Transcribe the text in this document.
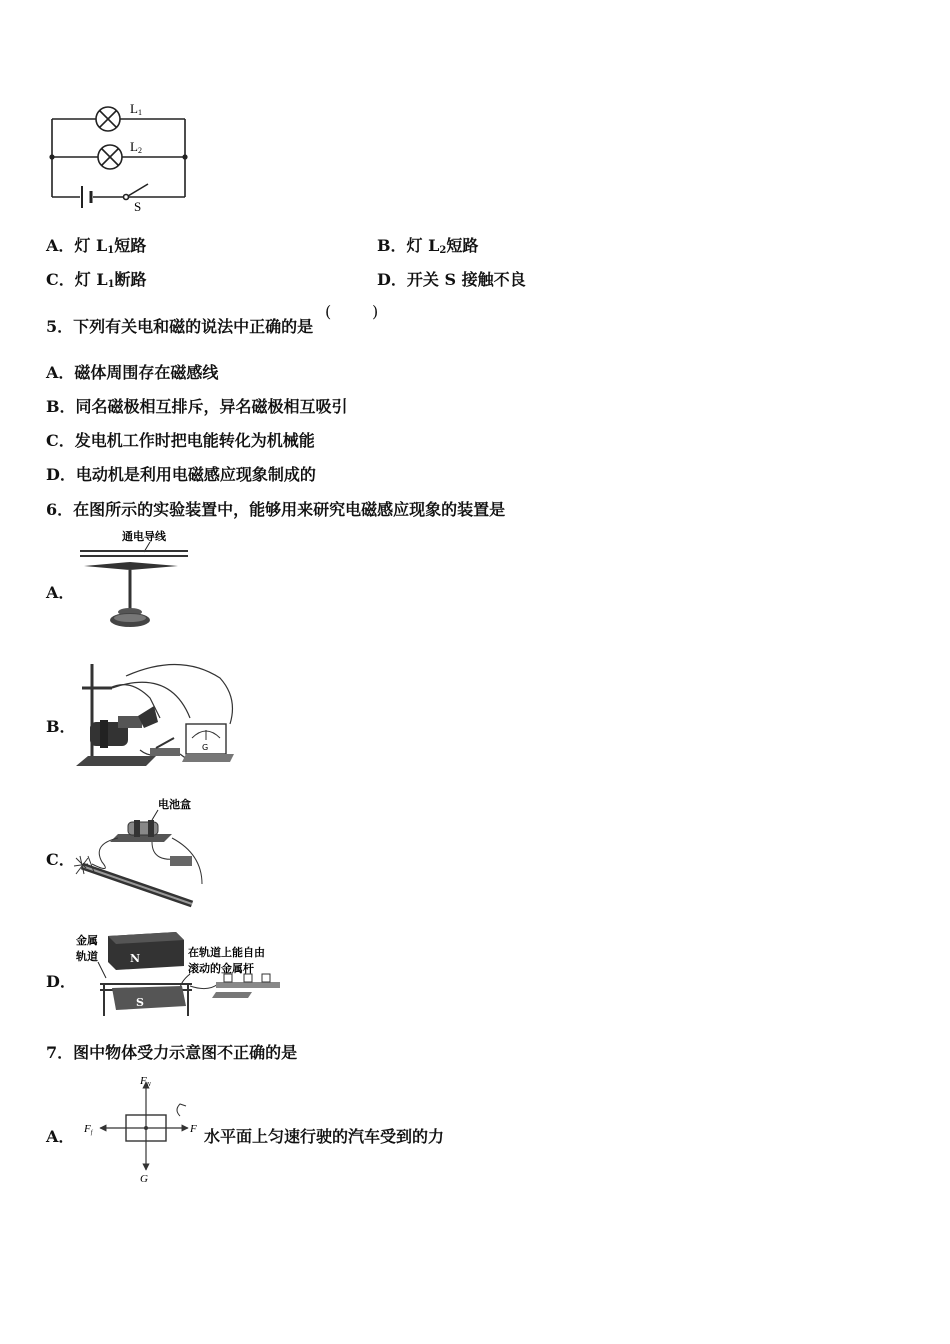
L1
L2
S
A．灯 $L_1$短路	B．灯 $L_2$短路
C．灯 $L_1$断路	D．开关 S 接触不良
5．下列有关电和磁的说法中正确的是
(	)
A．磁体周围存在磁感线
B．同名磁极相互排斥，异名磁极相互吸引
C．发电机工作时把电能转化为机械能
D．电动机是利用电磁感应现象制成的
6．在图所示的实验装置中，能够用来研究电磁感应现象的装置是
A．
通电导线
B．
G
C．
电池盒
D．
金属
轨道	N	在轨道上能自由
滚动的金属杆
S
7．图中物体受力示意图不正确的是
A．
FN
Ff	F
G
水平面上匀速行驶的汽车受到的力
